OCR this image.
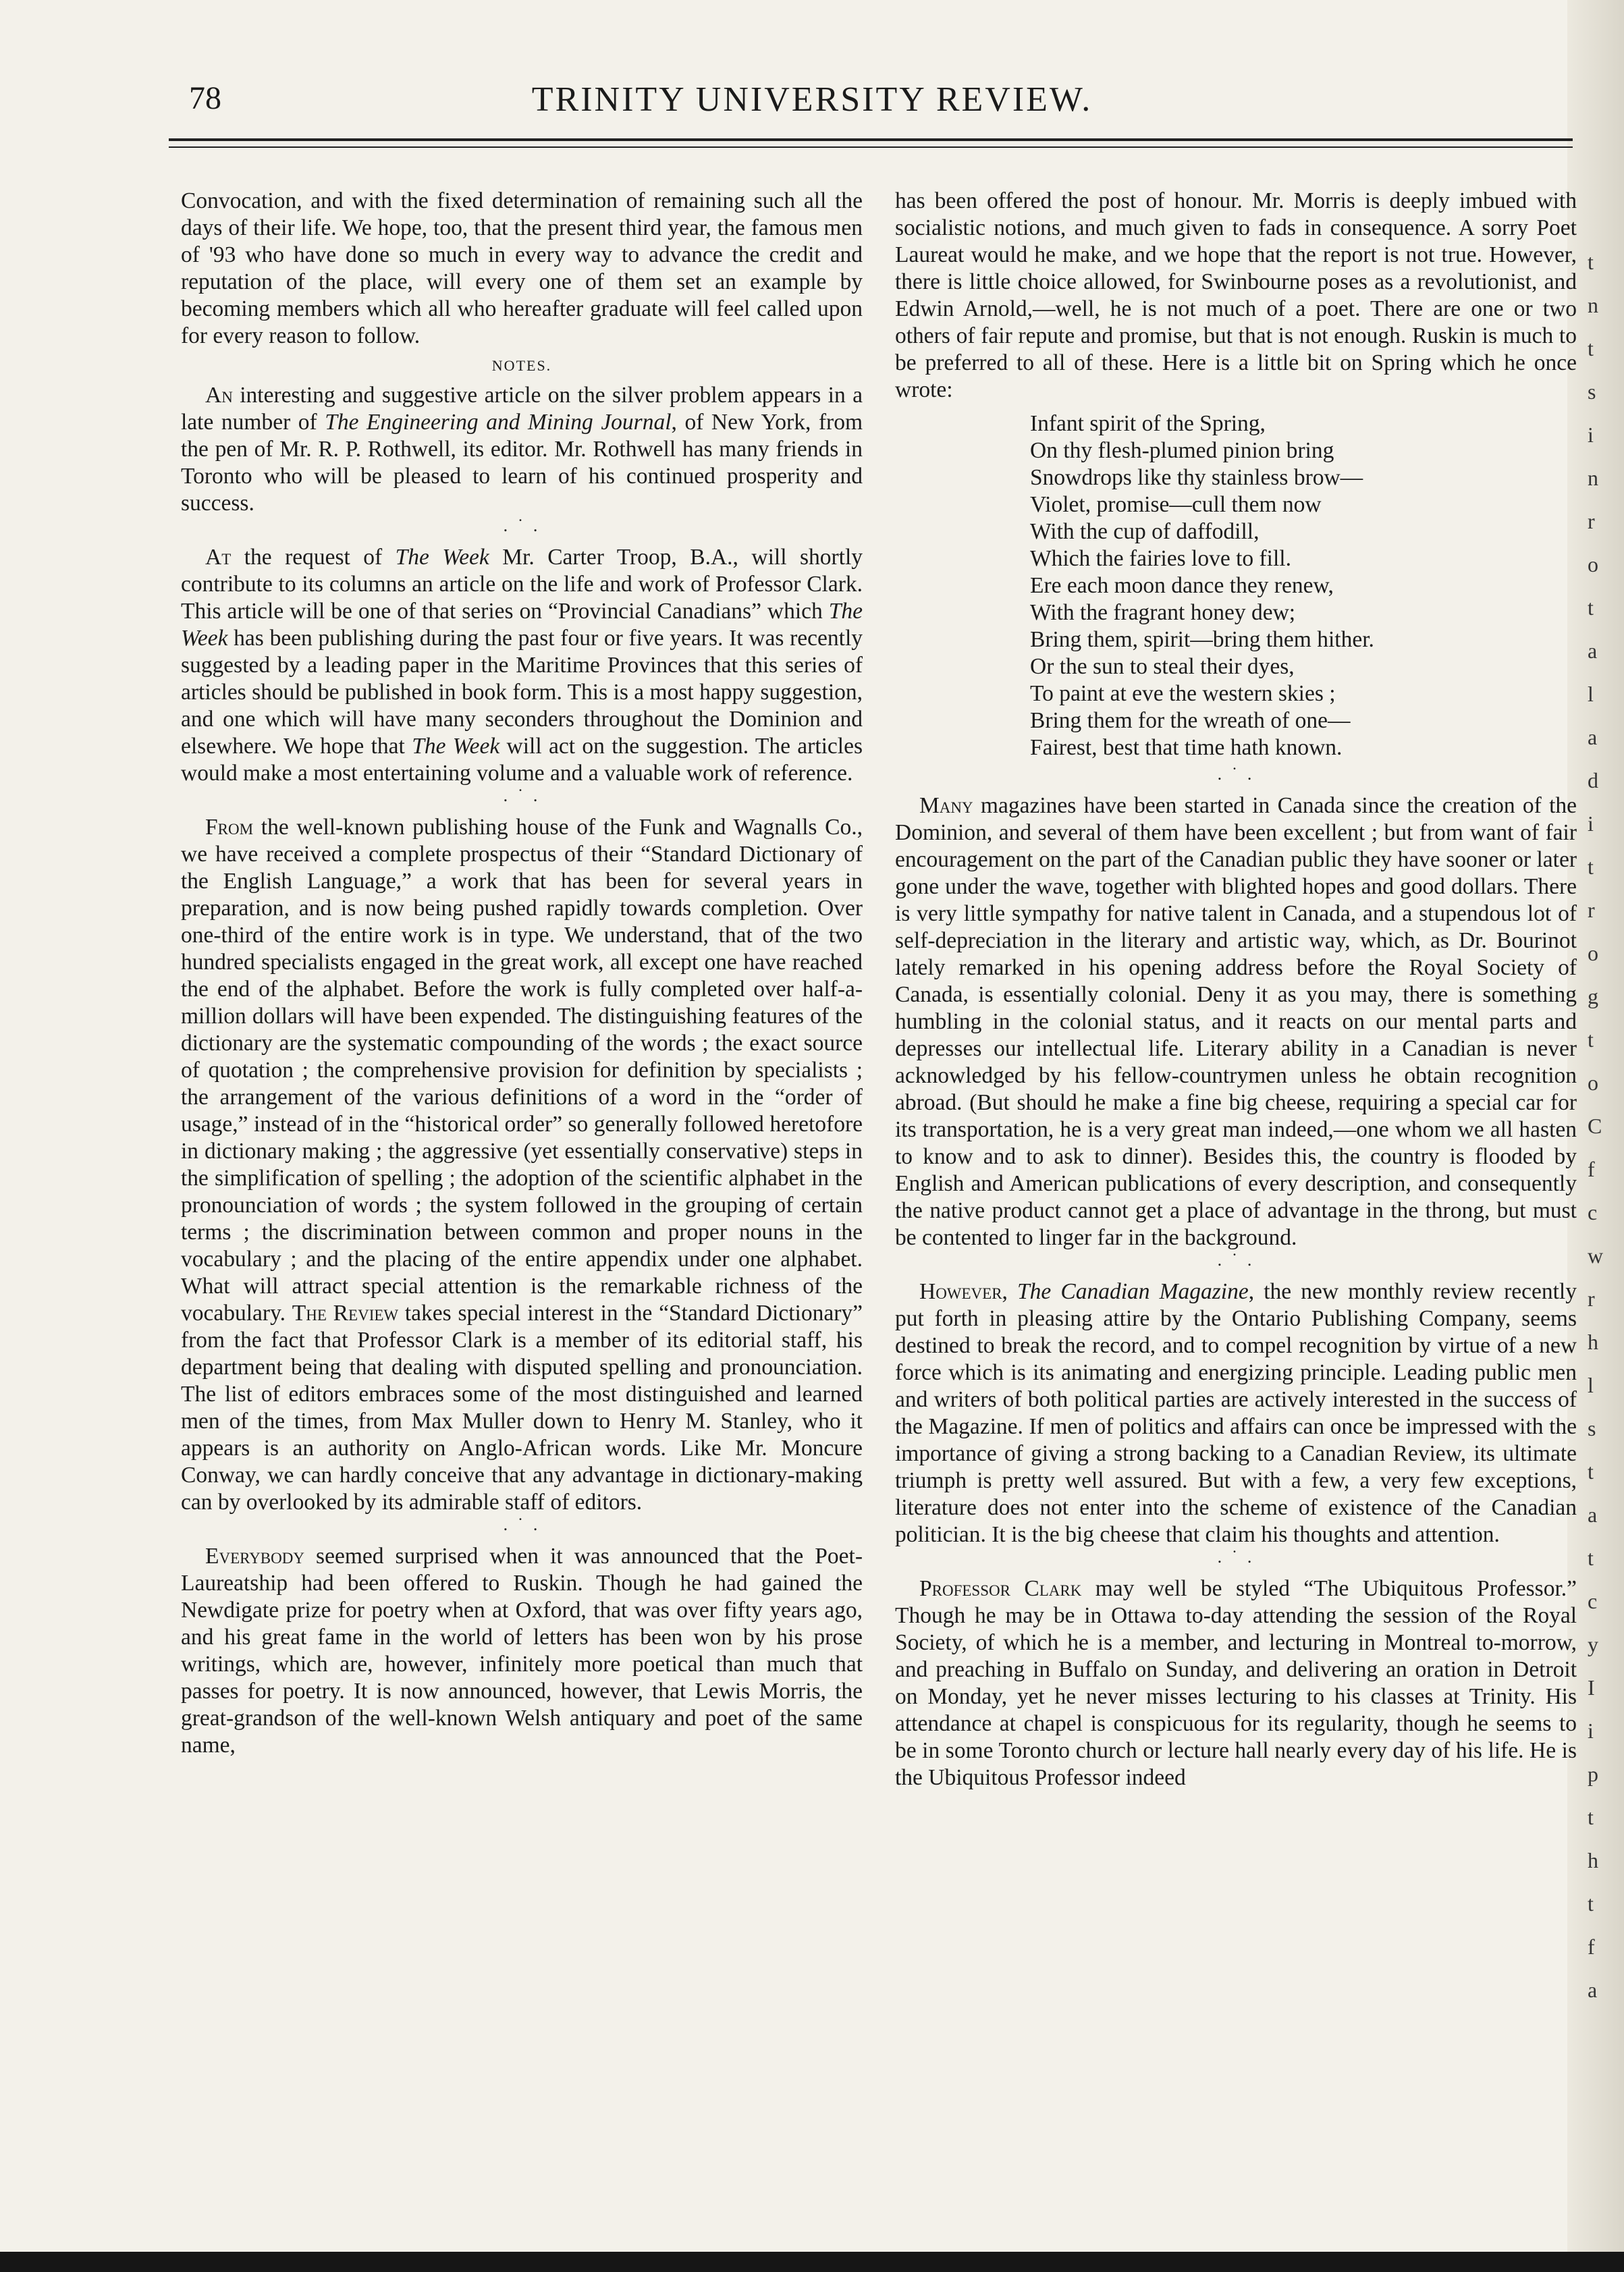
t
n
t
s
i
n
r
o
t
a
l
a
d
i
t
r
o
g
t
o
C
f
c
w
r
h
l
s
t
a
t
c
y
I
i
p
t
h
t
f
a
78	TRINITY UNIVERSITY REVIEW.

Convocation, and with the fixed determination of remaining such all the days of their life. We hope, too, that the present third year, the famous men of '93 who have done so much in every way to advance the credit and reputation of the place, will every one of them set an example by becoming members which all who hereafter graduate will feel called upon for every reason to follow.

NOTES.

An interesting and suggestive article on the silver problem appears in a late number of The Engineering and Mining Journal, of New York, from the pen of Mr. R. P. Rothwell, its editor. Mr. Rothwell has many friends in Toronto who will be pleased to learn of his continued prosperity and success.

. ˙ .

At the request of The Week Mr. Carter Troop, B.A., will shortly contribute to its columns an article on the life and work of Professor Clark. This article will be one of that series on “Provincial Canadians” which The Week has been publishing during the past four or five years. It was recently suggested by a leading paper in the Maritime Provinces that this series of articles should be published in book form. This is a most happy suggestion, and one which will have many seconders throughout the Dominion and elsewhere. We hope that The Week will act on the suggestion. The articles would make a most entertaining volume and a valuable work of reference.

. ˙ .

From the well-known publishing house of the Funk and Wagnalls Co., we have received a complete prospectus of their “Standard Dictionary of the English Language,” a work that has been for several years in preparation, and is now being pushed rapidly towards completion. Over one-third of the entire work is in type. We understand, that of the two hundred specialists engaged in the great work, all except one have reached the end of the alphabet. Before the work is fully completed over half-a-million dollars will have been expended. The distinguishing features of the dictionary are the systematic compounding of the words ; the exact source of quotation ; the comprehensive provision for definition by specialists ; the arrangement of the various definitions of a word in the “order of usage,” instead of in the “historical order” so generally followed heretofore in dictionary making ; the aggressive (yet essentially conservative) steps in the simplification of spelling ; the adoption of the scientific alphabet in the pronounciation of words ; the system followed in the grouping of certain terms ; the discrimination between common and proper nouns in the vocabulary ; and the placing of the entire appendix under one alphabet. What will attract special attention is the remarkable richness of the vocabulary. The Review takes special interest in the “Standard Dictionary” from the fact that Professor Clark is a member of its editorial staff, his department being that dealing with disputed spelling and pronounciation. The list of editors embraces some of the most distinguished and learned men of the times, from Max Muller down to Henry M. Stanley, who it appears is an authority on Anglo-African words. Like Mr. Moncure Conway, we can hardly conceive that any advantage in dictionary-making can by overlooked by its admirable staff of editors.

. ˙ .

Everybody seemed surprised when it was announced that the Poet-Laureatship had been offered to Ruskin. Though he had gained the Newdigate prize for poetry when at Oxford, that was over fifty years ago, and his great fame in the world of letters has been won by his prose writings, which are, however, infinitely more poetical than much that passes for poetry. It is now announced, however, that Lewis Morris, the great-grandson of the well-known Welsh antiquary and poet of the same name,

has been offered the post of honour. Mr. Morris is deeply imbued with socialistic notions, and much given to fads in consequence. A sorry Poet Laureat would he make, and we hope that the report is not true. However, there is little choice allowed, for Swinbourne poses as a revolutionist, and Edwin Arnold,—well, he is not much of a poet. There are one or two others of fair repute and promise, but that is not enough. Ruskin is much to be preferred to all of these. Here is a little bit on Spring which he once wrote:

Infant spirit of the Spring,
On thy flesh-plumed pinion bring
Snowdrops like thy stainless brow—
Violet, promise—cull them now
With the cup of daffodill,
Which the fairies love to fill.
Ere each moon dance they renew,
With the fragrant honey dew;
Bring them, spirit—bring them hither.
Or the sun to steal their dyes,
To paint at eve the western skies ;
Bring them for the wreath of one—
Fairest, best that time hath known.
. ˙ .

Many magazines have been started in Canada since the creation of the Dominion, and several of them have been excellent ; but from want of fair encouragement on the part of the Canadian public they have sooner or later gone under the wave, together with blighted hopes and good dollars. There is very little sympathy for native talent in Canada, and a stupendous lot of self-depreciation in the literary and artistic way, which, as Dr. Bourinot lately remarked in his opening address before the Royal Society of Canada, is essentially colonial. Deny it as you may, there is something humbling in the colonial status, and it reacts on our mental parts and depresses our intellectual life. Literary ability in a Canadian is never acknowledged by his fellow-countrymen unless he obtain recognition abroad. (But should he make a fine big cheese, requiring a special car for its transportation, he is a very great man indeed,—one whom we all hasten to know and to ask to dinner). Besides this, the country is flooded by English and American publications of every description, and consequently the native product cannot get a place of advantage in the throng, but must be contented to linger far in the background.

. ˙ .

However, The Canadian Magazine, the new monthly review recently put forth in pleasing attire by the Ontario Publishing Company, seems destined to break the record, and to compel recognition by virtue of a new force which is its animating and energizing principle. Leading public men and writers of both political parties are actively interested in the success of the Magazine. If men of politics and affairs can once be impressed with the importance of giving a strong backing to a Canadian Review, its ultimate triumph is pretty well assured. But with a few, a very few exceptions, literature does not enter into the scheme of existence of the Canadian politician. It is the big cheese that claim his thoughts and attention.

. ˙ .

Professor Clark may well be styled “The Ubiquitous Professor.” Though he may be in Ottawa to-day attending the session of the Royal Society, of which he is a member, and lecturing in Montreal to-morrow, and preaching in Buffalo on Sunday, and delivering an oration in Detroit on Monday, yet he never misses lecturing to his classes at Trinity. His attendance at chapel is conspicuous for its regularity, though he seems to be in some Toronto church or lecture hall nearly every day of his life. He is the Ubiquitous Professor indeed
